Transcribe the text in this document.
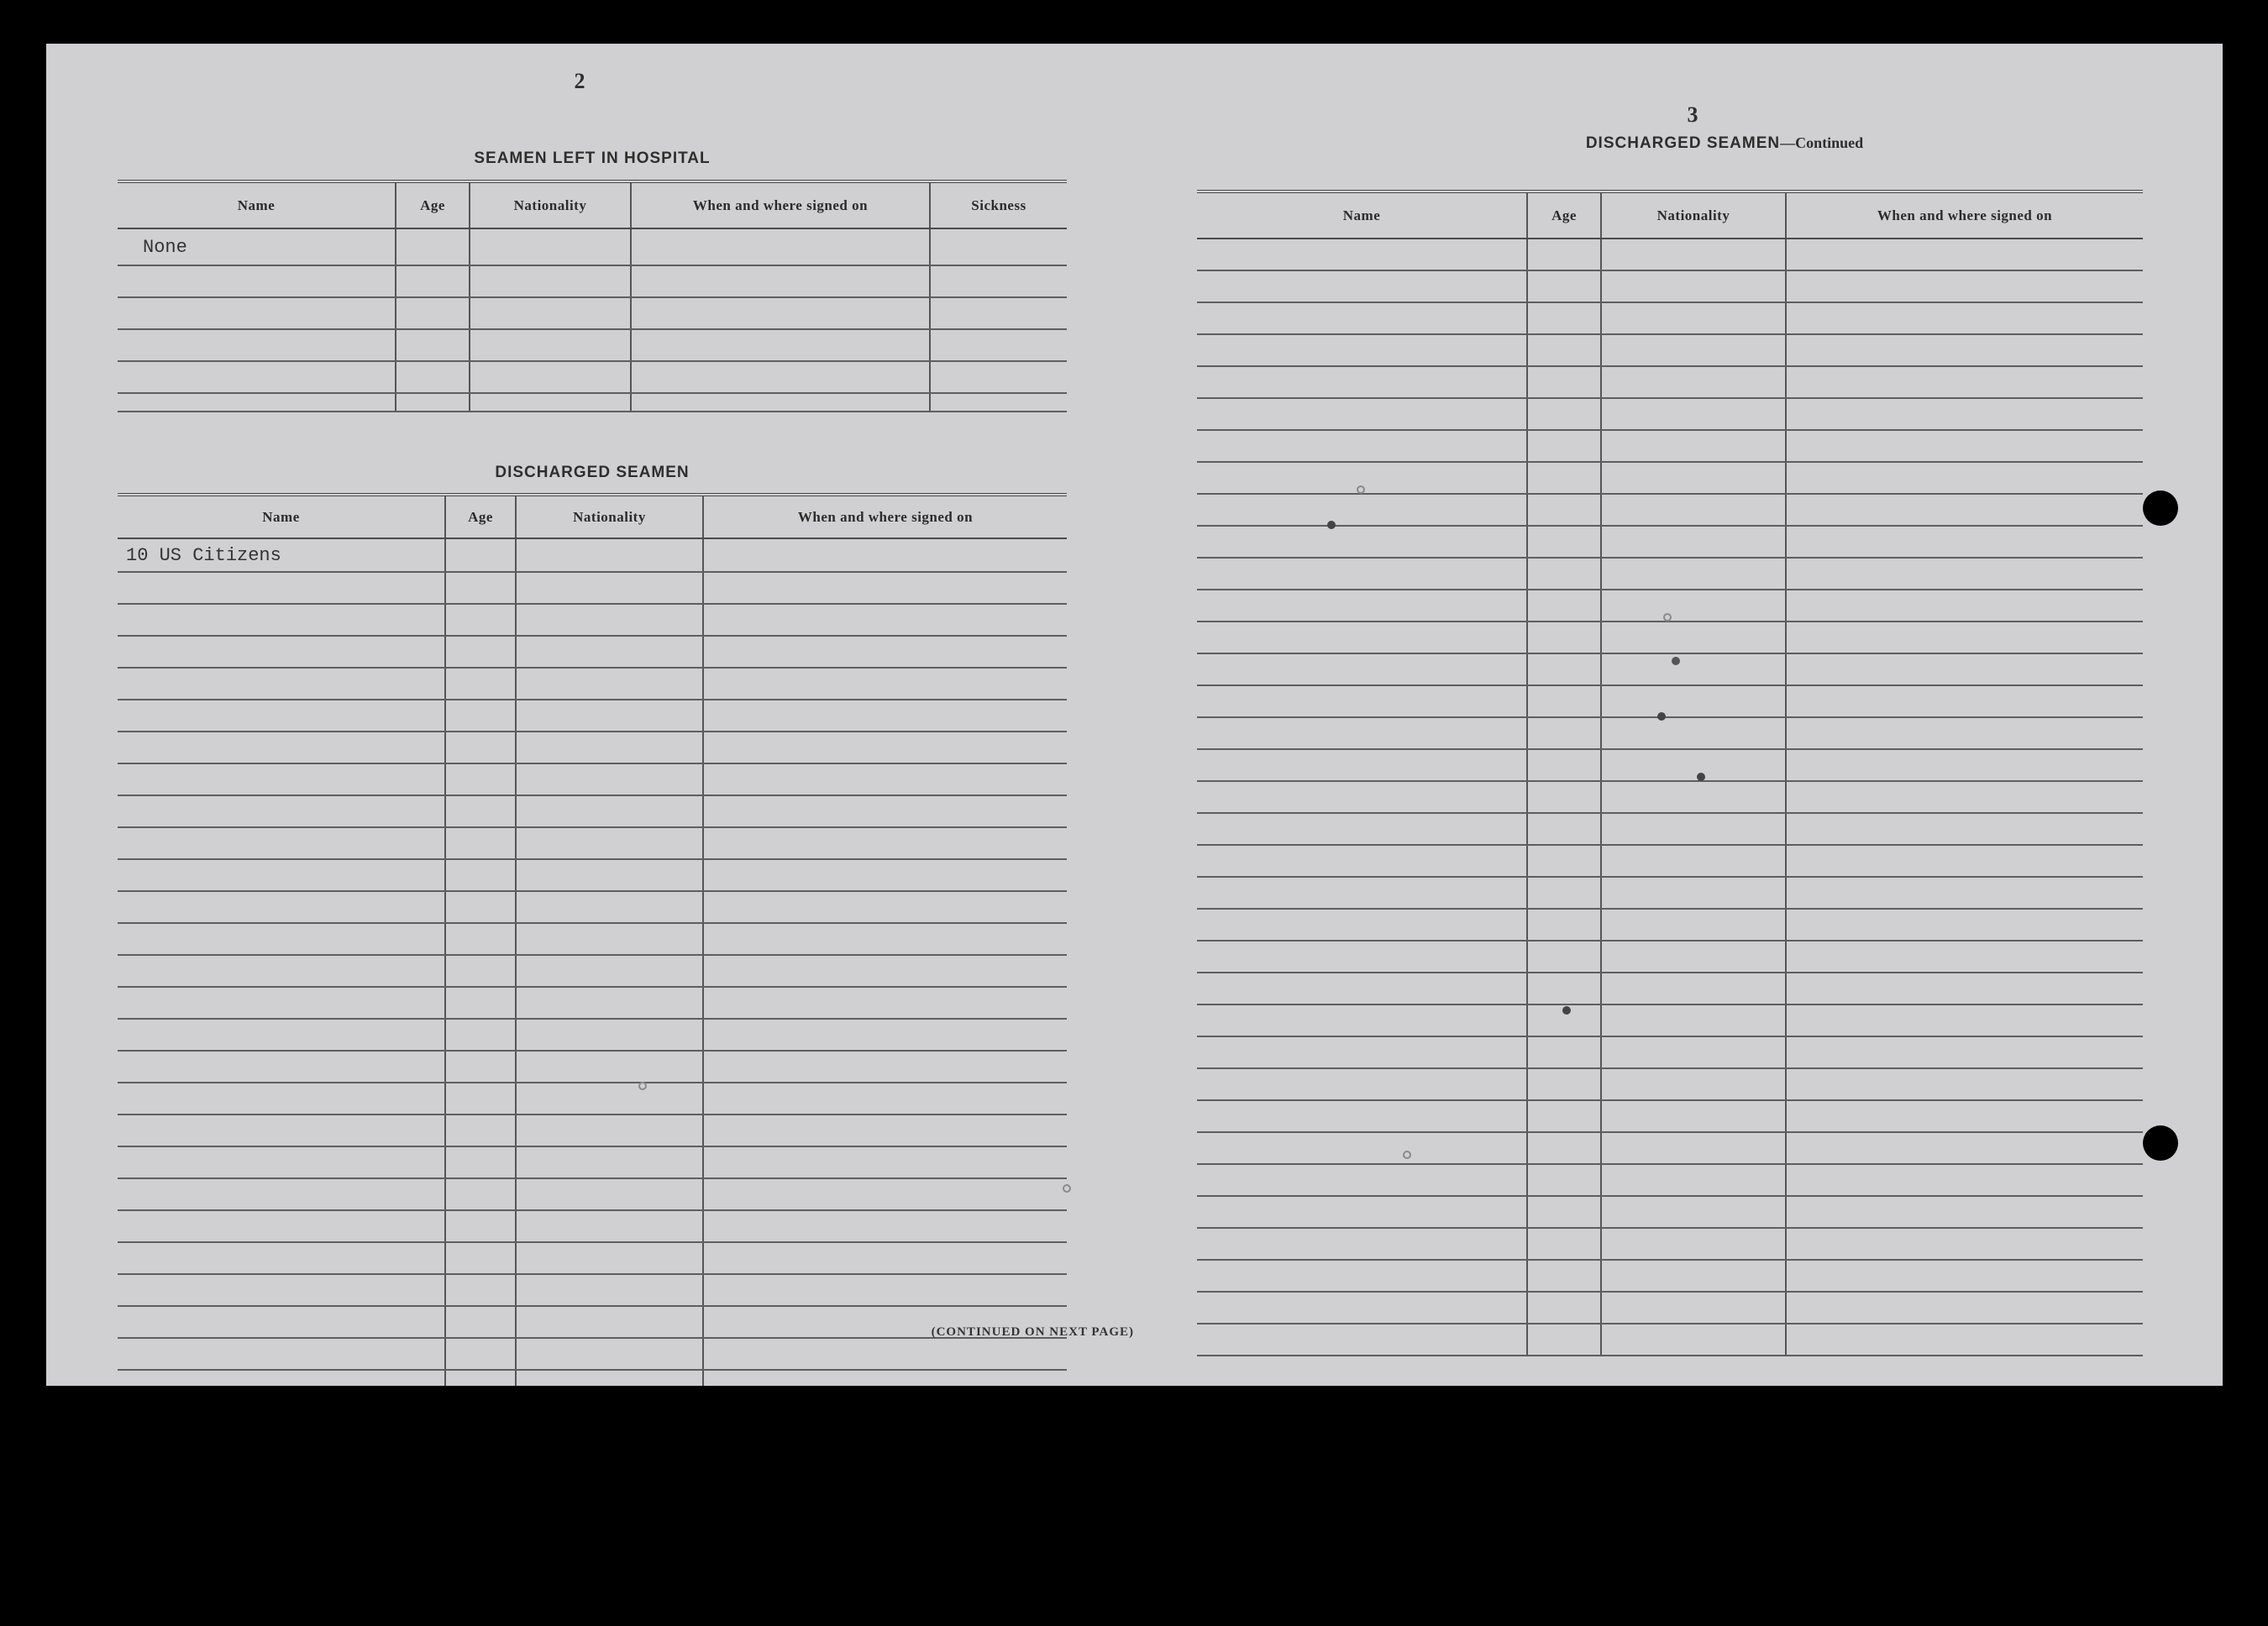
2
SEAMEN LEFT IN HOSPITAL
Name	Age	Nationality	When and where signed on	Sickness
None				

DISCHARGED SEAMEN
Name	Age	Nationality	When and where signed on
10 US Citizens			

(CONTINUED ON NEXT PAGE)
3
DISCHARGED SEAMEN—Continued
Name	Age	Nationality	When and where signed on
